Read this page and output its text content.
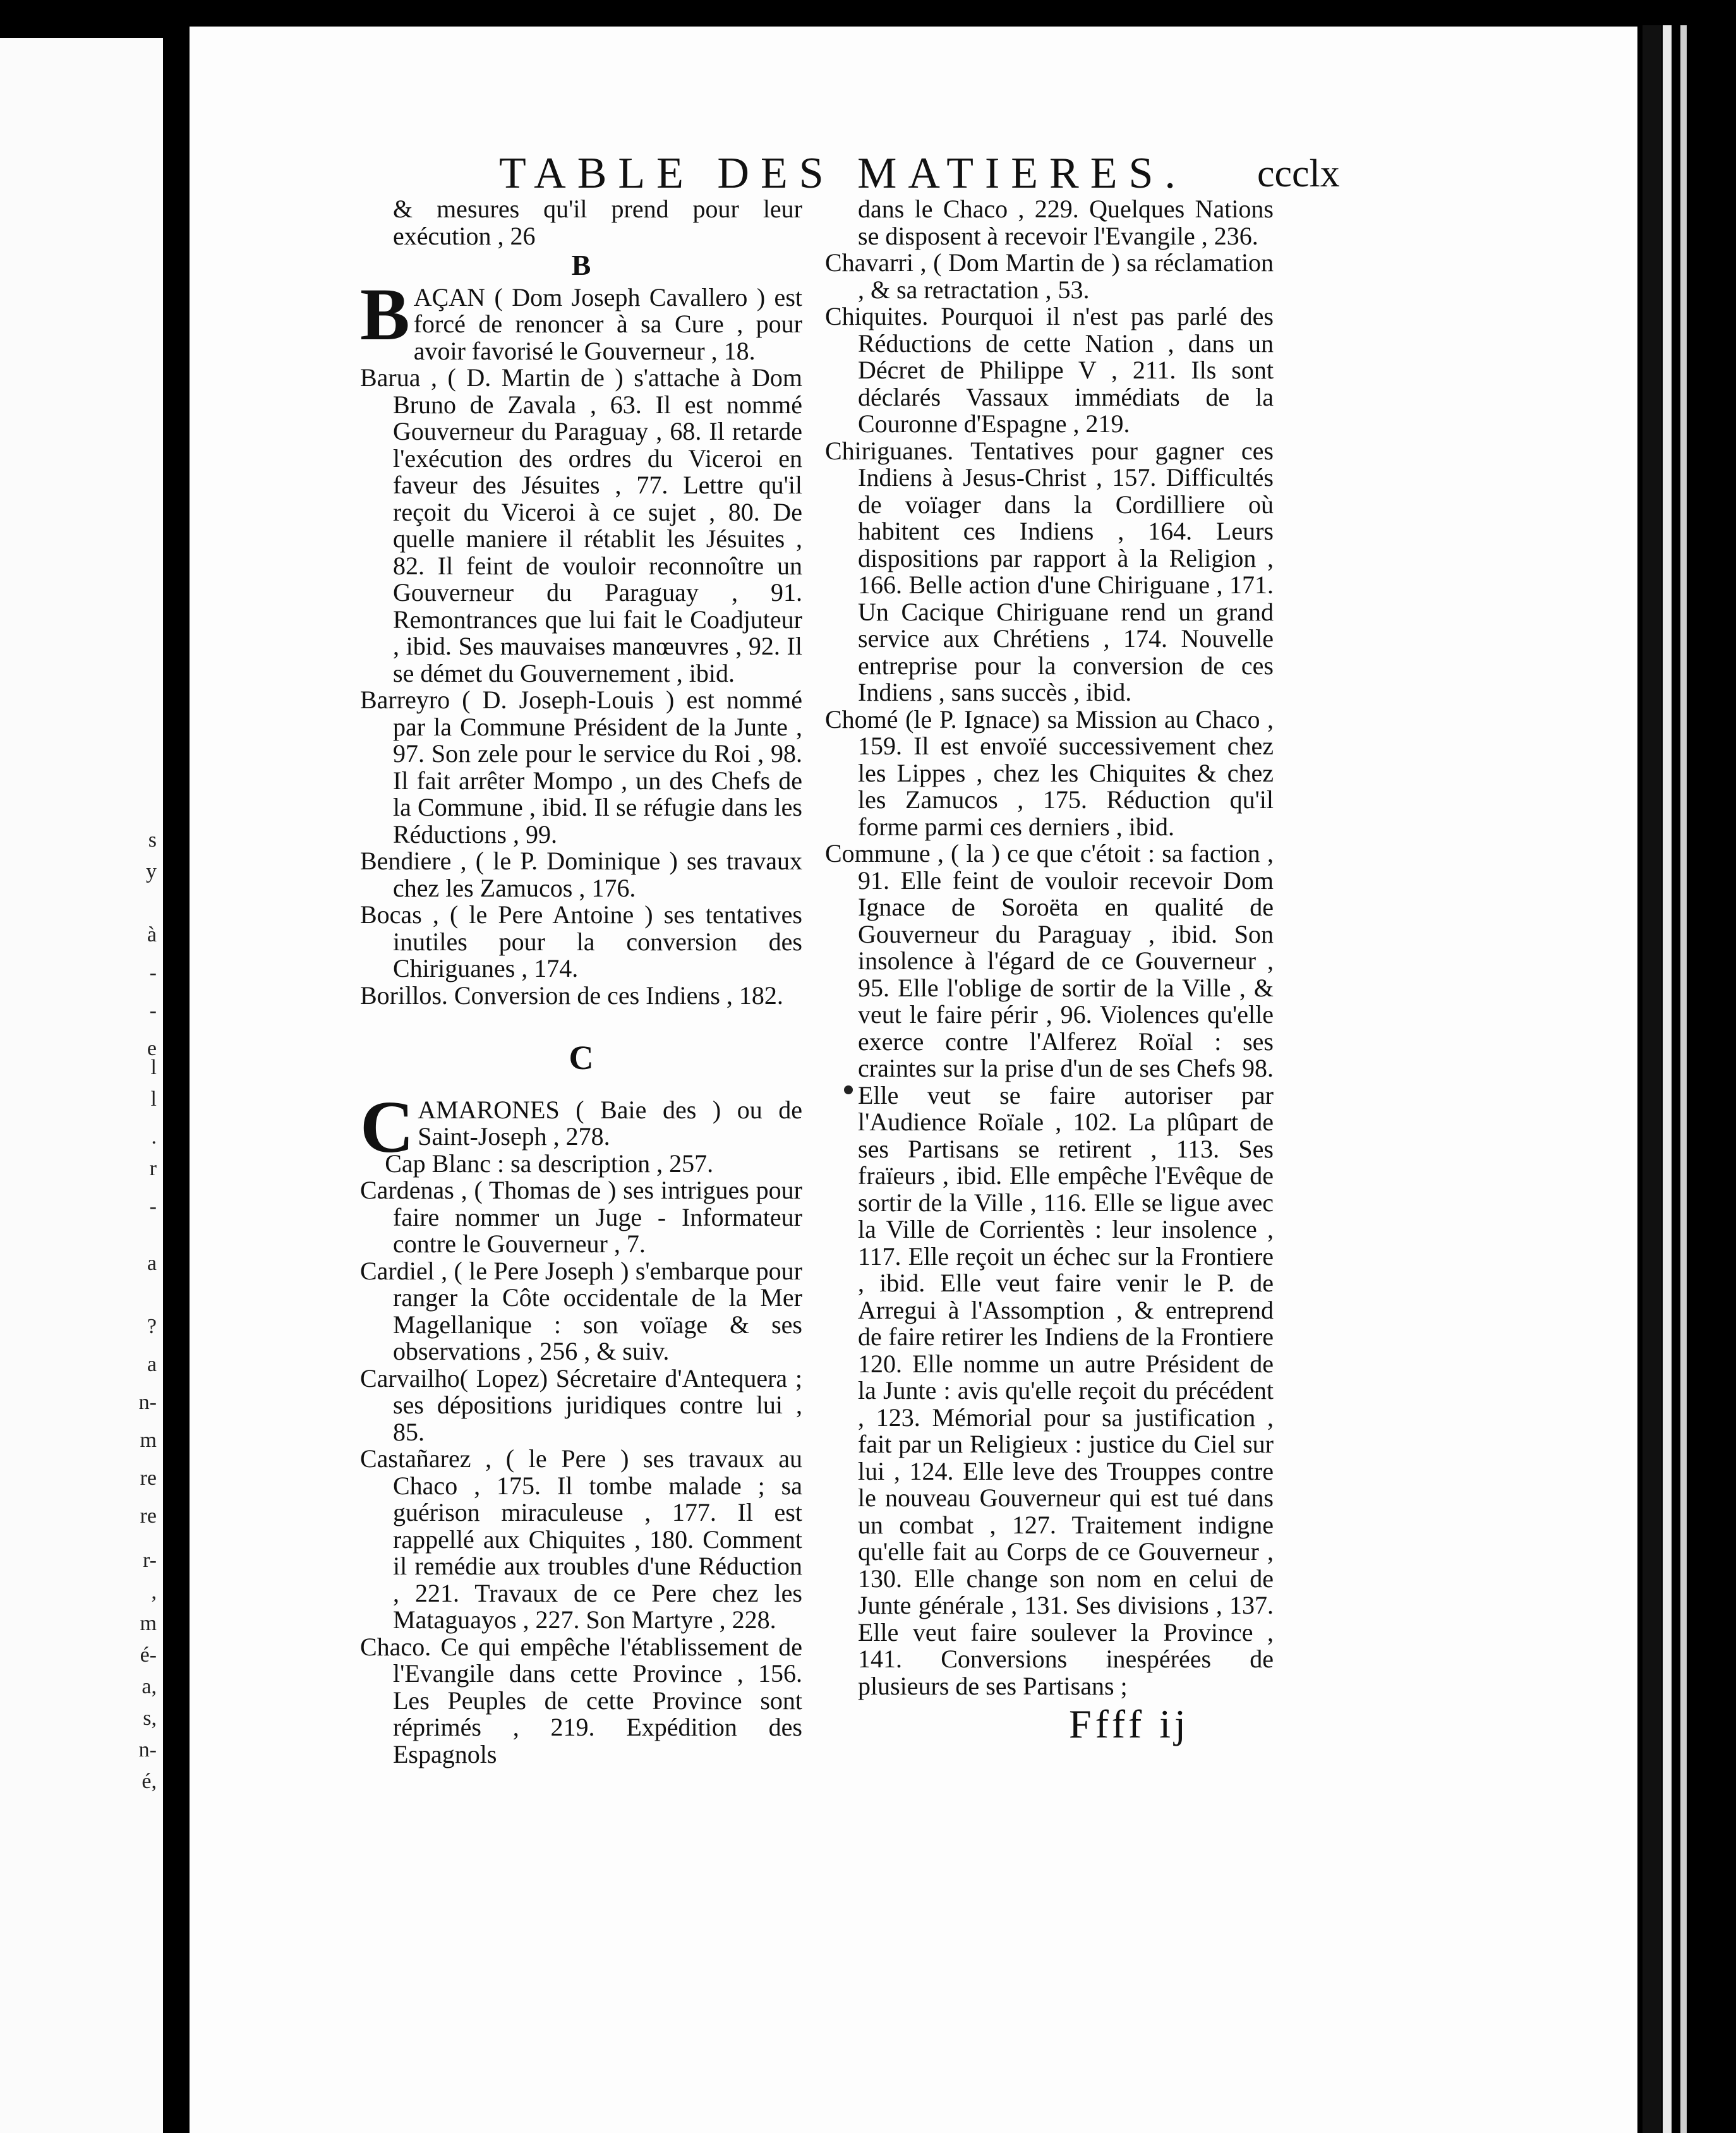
s
y
à
-
-
e
l
l
.
r
-
a
?
a
n-
m
re
re
r-
,
m
é-
a,
s,
n-
é,
TABLE DES MATIERES. ccclx

& mesures qu'il prend pour leur exécution , 26

B

BAÇAN ( Dom Joseph Cavallero ) est forcé de renoncer à sa Cure , pour avoir favorisé le Gouverneur , 18.

Barua , ( D. Martin de ) s'attache à Dom Bruno de Zavala , 63. Il est nommé Gouverneur du Paraguay , 68. Il retarde l'exécution des ordres du Viceroi en faveur des Jésuites , 77. Lettre qu'il reçoit du Viceroi à ce sujet , 80. De quelle maniere il rétablit les Jésuites , 82. Il feint de vouloir reconnoître un Gouverneur du Paraguay , 91. Remontrances que lui fait le Coadjuteur , ibid. Ses mauvaises manœuvres , 92. Il se démet du Gouvernement , ibid.

Barreyro ( D. Joseph-Louis ) est nommé par la Commune Président de la Junte , 97. Son zele pour le service du Roi , 98. Il fait arrêter Mompo , un des Chefs de la Commune , ibid. Il se réfugie dans les Réductions , 99.

Bendiere , ( le P. Dominique ) ses travaux chez les Zamucos , 176.

Bocas , ( le Pere Antoine ) ses tentatives inutiles pour la conversion des Chiriguanes , 174.

Borillos. Conversion de ces Indiens , 182.

C

CAMARONES ( Baie des ) ou de Saint-Joseph , 278.

Cap Blanc : sa description , 257.

Cardenas , ( Thomas de ) ses intrigues pour faire nommer un Juge - Informateur contre le Gouverneur , 7.

Cardiel , ( le Pere Joseph ) s'embarque pour ranger la Côte occidentale de la Mer Magellanique : son voïage & ses observations , 256 , & suiv.

Carvailho( Lopez) Sécretaire d'Antequera ; ses dépositions juridiques contre lui , 85.

Castañarez , ( le Pere ) ses travaux au Chaco , 175. Il tombe malade ; sa guérison miraculeuse , 177. Il est rappellé aux Chiquites , 180. Comment il remédie aux troubles d'une Réduction , 221. Travaux de ce Pere chez les Mataguayos , 227. Son Martyre , 228.

Chaco. Ce qui empêche l'établissement de l'Evangile dans cette Province , 156. Les Peuples de cette Province sont réprimés , 219. Expédition des Espagnols

dans le Chaco , 229. Quelques Nations se disposent à recevoir l'Evangile , 236.

Chavarri , ( Dom Martin de ) sa réclamation , & sa retractation , 53.

Chiquites. Pourquoi il n'est pas parlé des Réductions de cette Nation , dans un Décret de Philippe V , 211. Ils sont déclarés Vassaux immédiats de la Couronne d'Espagne , 219.

Chiriguanes. Tentatives pour gagner ces Indiens à Jesus-Christ , 157. Difficultés de voïager dans la Cordilliere où habitent ces Indiens , 164. Leurs dispositions par rapport à la Religion , 166. Belle action d'une Chiriguane , 171. Un Cacique Chiriguane rend un grand service aux Chrétiens , 174. Nouvelle entreprise pour la conversion de ces Indiens , sans succès , ibid.

Chomé (le P. Ignace) sa Mission au Chaco , 159. Il est envoïé successivement chez les Lippes , chez les Chiquites & chez les Zamucos , 175. Réduction qu'il forme parmi ces derniers , ibid.

Commune , ( la ) ce que c'étoit : sa faction , 91. Elle feint de vouloir recevoir Dom Ignace de Soroëta en qualité de Gouverneur du Paraguay , ibid. Son insolence à l'égard de ce Gouverneur , 95. Elle l'oblige de sortir de la Ville , & veut le faire périr , 96. Violences qu'elle exerce contre l'Alferez Roïal : ses craintes sur la prise d'un de ses Chefs 98. Elle veut se faire autoriser par l'Audience Roïale , 102. La plûpart de ses Partisans se retirent , 113. Ses fraïeurs , ibid. Elle empêche l'Evêque de sortir de la Ville , 116. Elle se ligue avec la Ville de Corrientès : leur insolence , 117. Elle reçoit un échec sur la Frontiere , ibid. Elle veut faire venir le P. de Arregui à l'Assomption , & entreprend de faire retirer les Indiens de la Frontiere 120. Elle nomme un autre Président de la Junte : avis qu'elle reçoit du précédent , 123. Mémorial pour sa justification , fait par un Religieux : justice du Ciel sur lui , 124. Elle leve des Trouppes contre le nouveau Gouverneur qui est tué dans un combat , 127. Traitement indigne qu'elle fait au Corps de ce Gouverneur , 130. Elle change son nom en celui de Junte générale , 131. Ses divisions , 137. Elle veut faire soulever la Province , 141. Conversions inespérées de plusieurs de ses Partisans ;

Ffff ij
